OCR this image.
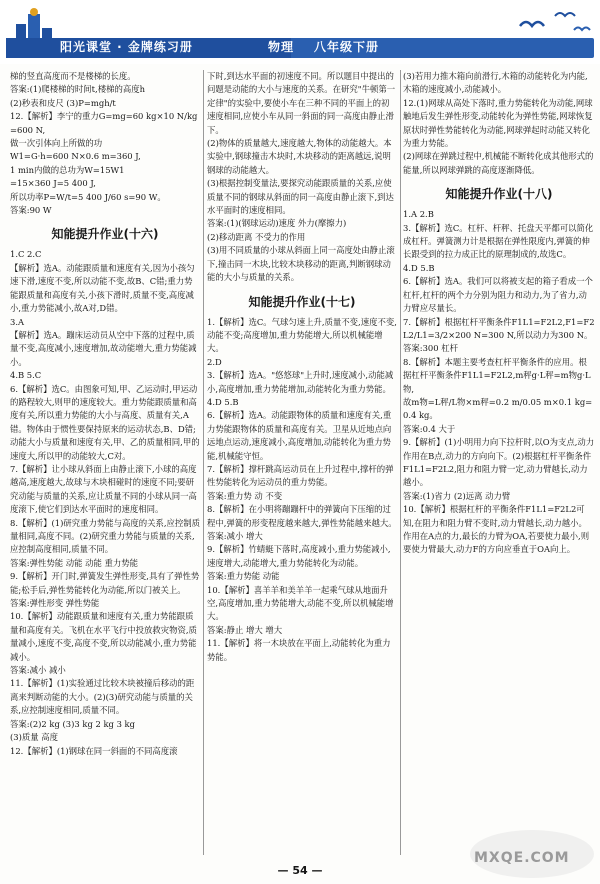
阳光课堂 · 金牌练习册	物理 八年级下册

梯的竖直高度而不是楼梯的长度。

答案:(1)爬楼梯的时间t,楼梯的高度h

(2)秒表和皮尺 (3)P=mgh/t

12.【解析】李宁的重力G=mg=60 kg×10 N/kg=600 N,

做一次引体向上所做的功

W1=G·h=600 N×0.6 m=360 J,

1 min内做的总功为W=15W1

=15×360 J=5 400 J,

所以功率P=W/t=5 400 J/60 s=90 W。

答案:90 W

知能提升作业(十六)

1.C 2.C

【解析】选A。动能跟质量和速度有关,因为小孩匀速下滑,速度不变,所以动能不变,故B、C错;重力势能跟质量和高度有关,小孩下滑时,质量不变,高度减小,重力势能减小,故A对,D错。

3.A

【解析】选A。蹦床运动员从空中下落的过程中,质量不变,高度减小,速度增加,故动能增大,重力势能减小。

4.B 5.C

6.【解析】选C。由图象可知,甲、乙运动时,甲运动的路程较大,则甲的速度较大。重力势能跟质量和高度有关,所以重力势能的大小与高度、质量有关,A错。物体由于惯性要保持原来的运动状态,B、D错;动能大小与质量和速度有关,甲、乙的质量相同,甲的速度大,所以甲的动能较大,C对。

7.【解析】让小球从斜面上由静止滚下,小球的高度越高,速度越大,故球与木块相碰时的速度不同;要研究动能与质量的关系,应让质量不同的小球从同一高度滚下,使它们到达水平面时的速度相同。

8.【解析】(1)研究重力势能与高度的关系,应控制质量相同,高度不同。(2)研究重力势能与质量的关系,应控制高度相同,质量不同。

答案:弹性势能 动能 动能 重力势能

9.【解析】开门时,弹簧发生弹性形变,具有了弹性势能;松手后,弹性势能转化为动能,所以门被关上。

答案:弹性形变 弹性势能

10.【解析】动能跟质量和速度有关,重力势能跟质量和高度有关。飞机在水平飞行中投放救灾物资,质量减小,速度不变,高度不变,所以动能减小,重力势能减小。

答案:减小 减小

11.【解析】(1)实验通过比较木块被撞后移动的距离来判断动能的大小。(2)(3)研究动能与质量的关系,应控制速度相同,质量不同。

答案:(2)2 kg (3)3 kg 2 kg 3 kg

(3)质量 高度

12.【解析】(1)钢球在同一斜面的不同高度滚

下时,到达水平面的初速度不同。所以题目中提出的问题是动能的大小与速度的关系。在研究"牛顿第一定律"的实验中,要使小车在三种不同的平面上的初速度相同,应使小车从同一斜面的同一高度由静止滑下。

(2)物体的质量越大,速度越大,物体的动能越大。本实验中,钢球撞击木块时,木块移动的距离越远,说明钢球的动能越大。

(3)根据控制变量法,要探究动能跟质量的关系,应使质量不同的钢球从斜面的同一高度由静止滚下,到达水平面时的速度相同。

答案:(1)(钢球运动)速度 外力(摩擦力)

(2)移动距离 不受力的作用

(3)用不同质量的小球从斜面上同一高度处由静止滚下,撞击同一木块,比较木块移动的距离,判断钢球动能的大小与质量的关系。

知能提升作业(十七)

1.【解析】选C。气球匀速上升,质量不变,速度不变,动能不变;高度增加,重力势能增大,所以机械能增大。

2.D

3.【解析】选A。"悠悠球"上升时,速度减小,动能减小,高度增加,重力势能增加,动能转化为重力势能。

4.D 5.B

6.【解析】选A。动能跟物体的质量和速度有关,重力势能跟物体的质量和高度有关。卫星从近地点向远地点运动,速度减小,高度增加,动能转化为重力势能,机械能守恒。

7.【解析】撑杆跳高运动员在上升过程中,撑杆的弹性势能转化为运动员的重力势能。

答案:重力势 动 不变

8.【解析】在小明将蹦蹦杆中的弹簧向下压缩的过程中,弹簧的形变程度越来越大,弹性势能越来越大。

答案:减小 增大

9.【解析】竹蜻蜓下落时,高度减小,重力势能减小,速度增大,动能增大,重力势能转化为动能。

答案:重力势能 动能

10.【解析】喜羊羊和美羊羊一起乘气球从地面升空,高度增加,重力势能增大,动能不变,所以机械能增大。

答案:静止 增大 增大

11.【解析】将一木块放在平面上,动能转化为重力势能。

(3)若用力推木箱向前滑行,木箱的动能转化为内能,木箱的速度减小,动能减小。

12.(1)网球从高处下落时,重力势能转化为动能,网球触地后发生弹性形变,动能转化为弹性势能,网球恢复原状时弹性势能转化为动能,网球弹起时动能又转化为重力势能。

(2)网球在弹跳过程中,机械能不断转化成其他形式的能量,所以网球弹跳的高度逐渐降低。

知能提升作业(十八)

1.A 2.B

3.【解析】选C。杠杆、杆秤、托盘天平都可以简化成杠杆。弹簧测力计是根据在弹性限度内,弹簧的伸长跟受到的拉力成正比的原理制成的,故选C。

4.D 5.B

6.【解析】选A。我们可以将被支起的箱子看成一个杠杆,杠杆的两个力分别为阻力和动力,为了省力,动力臂应尽量长。

7.【解析】根据杠杆平衡条件F1L1=F2L2,F1=F2L2/L1=3/2×200 N=300 N,所以动力为300 N。

答案:300 杠杆

8.【解析】本题主要考查杠杆平衡条件的应用。根据杠杆平衡条件F1L1=F2L2,m秤g·L秤=m物g·L物,

故m物=L秤/L物×m秤=0.2 m/0.05 m×0.1 kg=0.4 kg。

答案:0.4 大于

9.【解析】(1)小明用力向下拉杆时,以O为支点,动力作用在B点,动力的方向向下。(2)根据杠杆平衡条件F1L1=F2L2,阻力和阻力臂一定,动力臂越长,动力越小。

答案:(1)省力 (2)远离 动力臂

10.【解析】根据杠杆的平衡条件F1L1=F2L2可知,在阻力和阻力臂不变时,动力臂越长,动力越小。作用在A点的力,最长的力臂为OA,若要使力最小,则要使力臂最大,动力F的方向应垂直于OA向上。

— 54 —
MXQE.COM
